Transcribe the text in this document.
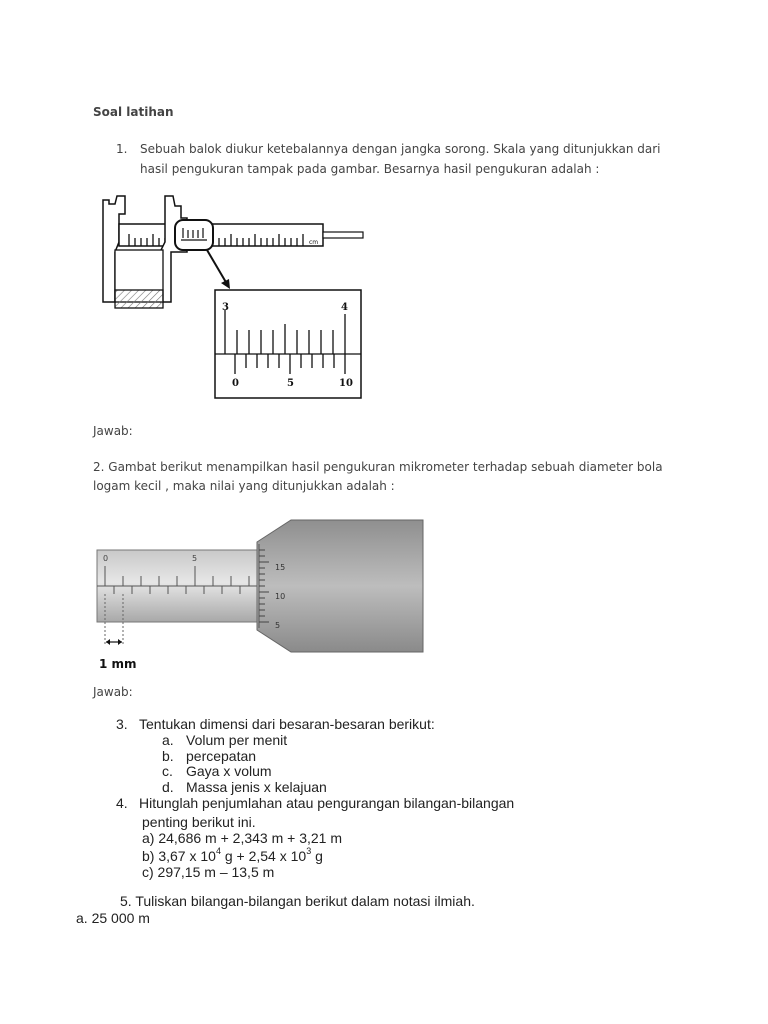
Soal latihan
1. Sebuah balok diukur ketebalannya dengan jangka sorong. Skala yang ditunjukkan dari
hasil pengukuran tampak pada gambar. Besarnya hasil pengukuran adalah :
cm
3	4
0	5	10
Jawab:
2. Gambat berikut menampilkan hasil pengukuran mikrometer terhadap sebuah diameter bola
logam kecil , maka nilai yang ditunjukkan adalah :
0	5
1 mm
15
10
5
Jawab:
3. Tentukan dimensi dari besaran-besaran berikut:
a. Volum per menit
b. percepatan
c. Gaya x volum
d. Massa jenis x kelajuan
4. Hitunglah penjumlahan atau pengurangan bilangan-bilangan
penting berikut ini.
a) 24,686 m + 2,343 m + 3,21 m
b) 3,67 x $10^4$ g + 2,54 x $10^3$ g
c) 297,15 m – 13,5 m
5. Tuliskan bilangan-bilangan berikut dalam notasi ilmiah.
a. 25 000 m
